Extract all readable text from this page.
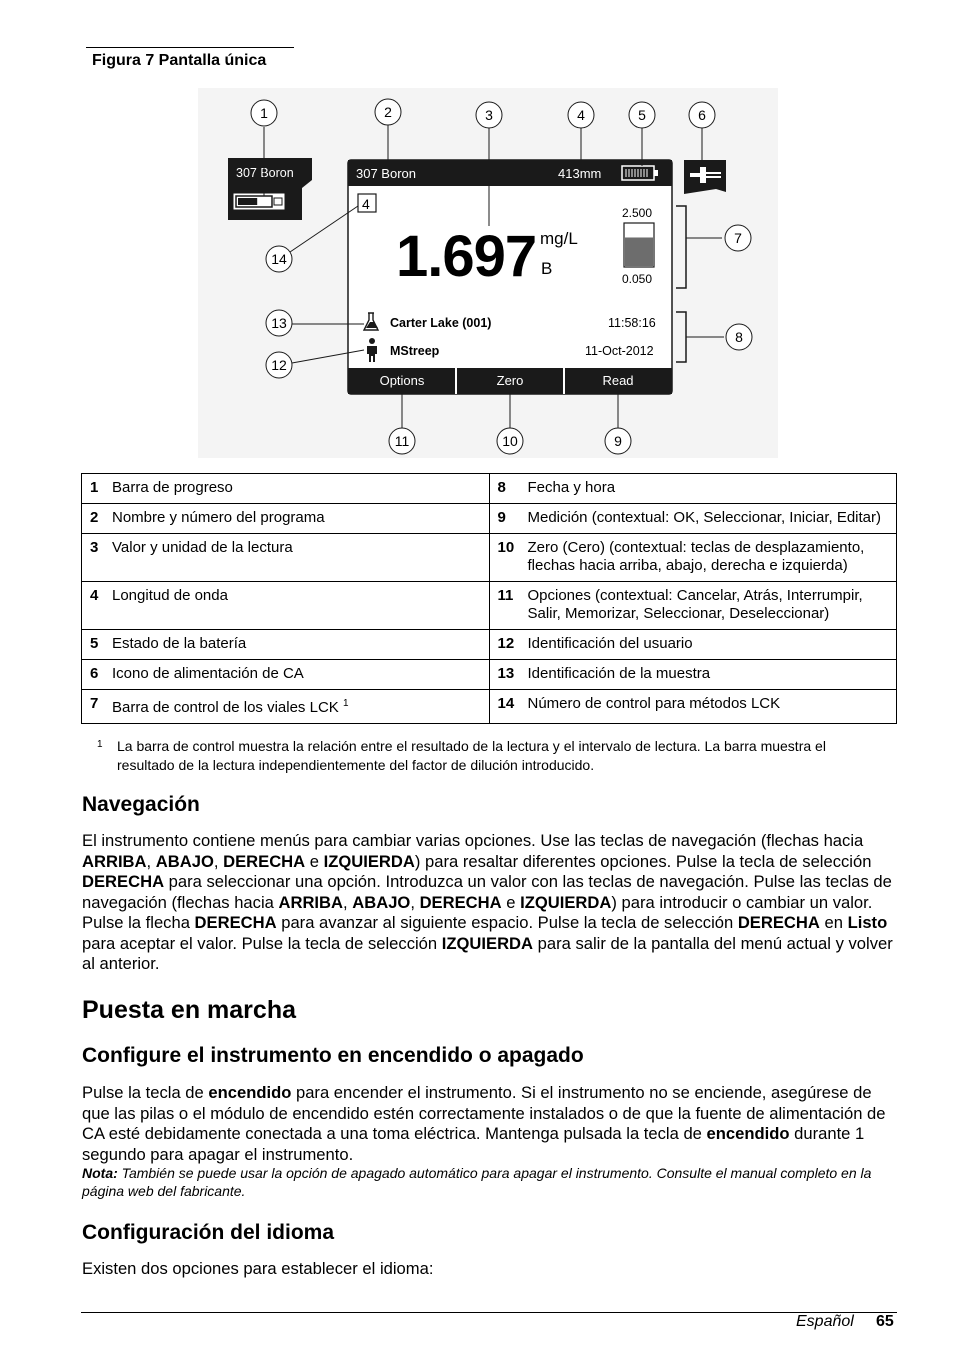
Figura 7 Pantalla única
307 Boron	413mm
4
1.697 mg/L
B
2.500
0.050
Carter Lake (001)	11:58:16
MStreep	11-Oct-2012
Options	Zero	Read
307 Boron
1	2	3	4	5	6
7
8
9
10
11
12
13
14
1 Barra de progreso	8 Fecha y hora
2 Nombre y número del programa	9 Medición (contextual: OK, Seleccionar, Iniciar, Editar)
3 Valor y unidad de la lectura	10 Zero (Cero) (contextual: teclas de desplazamiento, flechas hacia arriba, abajo, derecha e izquierda)
4 Longitud de onda	11 Opciones (contextual: Cancelar, Atrás, Interrumpir, Salir, Memorizar, Seleccionar, Deseleccionar)
5 Estado de la batería	12 Identificación del usuario
6 Icono de alimentación de CA	13 Identificación de la muestra
7 Barra de control de los viales LCK $^1$	14 Número de control para métodos LCK
$^1$ La barra de control muestra la relación entre el resultado de la lectura y el intervalo de lectura. La barra muestra el resultado de la lectura independientemente del factor de dilución introducido.
Navegación

El instrumento contiene menús para cambiar varias opciones. Use las teclas de navegación (flechas hacia ARRIBA, ABAJO, DERECHA e IZQUIERDA) para resaltar diferentes opciones. Pulse la tecla de selección DERECHA para seleccionar una opción. Introduzca un valor con las teclas de navegación. Pulse las teclas de navegación (flechas hacia ARRIBA, ABAJO, DERECHA e IZQUIERDA) para introducir o cambiar un valor. Pulse la flecha DERECHA para avanzar al siguiente espacio. Pulse la tecla de selección DERECHA en Listo para aceptar el valor. Pulse la tecla de selección IZQUIERDA para salir de la pantalla del menú actual y volver al anterior.

Puesta en marcha
Configure el instrumento en encendido o apagado

Pulse la tecla de encendido para encender el instrumento. Si el instrumento no se enciende, asegúrese de que las pilas o el módulo de encendido estén correctamente instalados o de que la fuente de alimentación de CA esté debidamente conectada a una toma eléctrica. Mantenga pulsada la tecla de encendido durante 1 segundo para apagar el instrumento.

Nota: También se puede usar la opción de apagado automático para apagar el instrumento. Consulte el manual completo en la página web del fabricante.

Configuración del idioma

Existen dos opciones para establecer el idioma:

Español 65
